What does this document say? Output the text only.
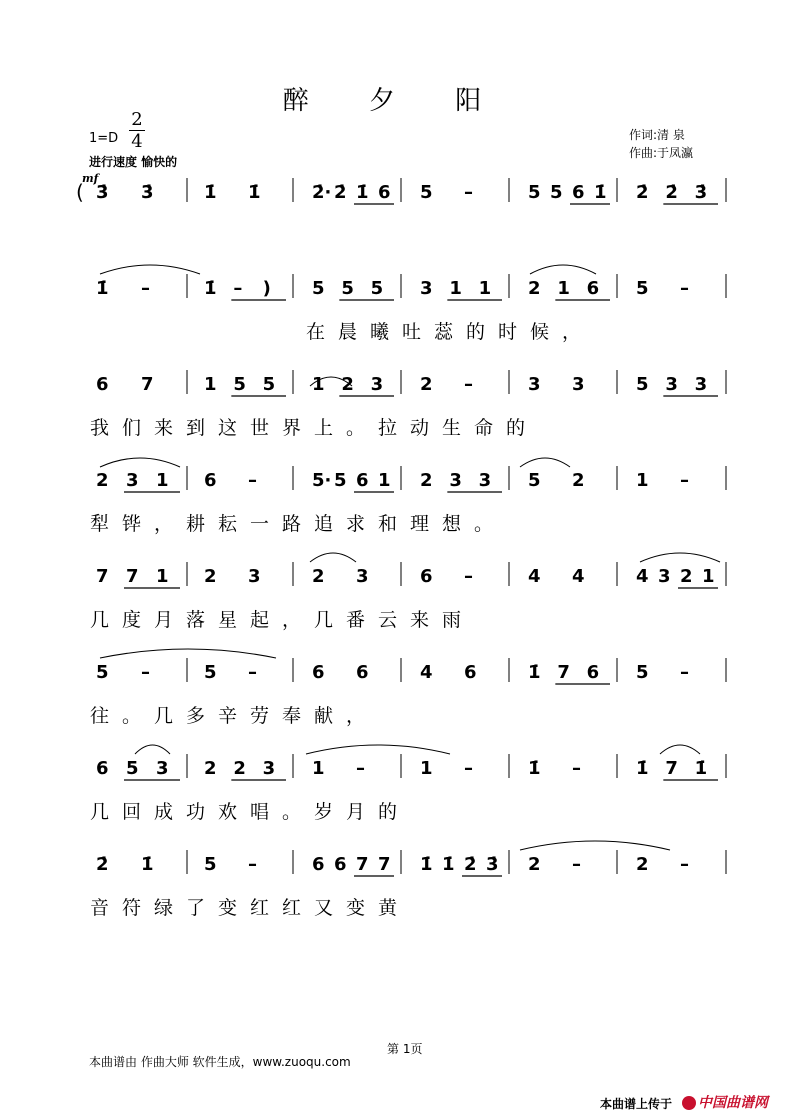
醉 夕 阳
1=D
2
4
进行速度 愉快的
作词:清 泉
作曲:于凤瀛
mf
( 3̇ 3̇	1̇ 1̇	2̇· 2̇ 1̇ 6 5 –	5 5 6 1̇ 2̇ 2̇ 3̇
1̇ –	1̇ – ) 5 5 5 3 1 1 2 1 6 5 –
在 晨 曦 吐 蕊 的 时 候 ，
6 7	1 5 5 1 2 3 2 –	3 3	5 3 3
我 们 来 到 这 世 界 上 。 拉 动 生 命 的
2 3 1 6 –	5· 5 6 1 2 3 3 5 2	1 –
犁 铧 ， 耕 耘 一 路 追 求 和 理 想 。
7 7 1 2 3	2 3	6 –	4 4	4 3 2 1
几 度 月 落 星 起 ， 几 番 云 来 雨
5 –	5 –	6 6	4 6	1̇ 7 6 5 –
往 。 几 多 辛 劳 奉 献 ，
6 5 3 2 2 3 1 –	1 –	1̇ –	1̇ 7 1̇
几 回 成 功 欢 唱 。 岁 月 的
2̇ 1̇	5 –	6 6 7 7 1̇ 1̇ 2̇ 3̇ 2 –	2 –
音 符 绿 了 变 红 红 又 变 黄
第 1页
本曲谱由 作曲大师 软件生成，www.zuoqu.com
本曲谱上传于	中国曲谱网
